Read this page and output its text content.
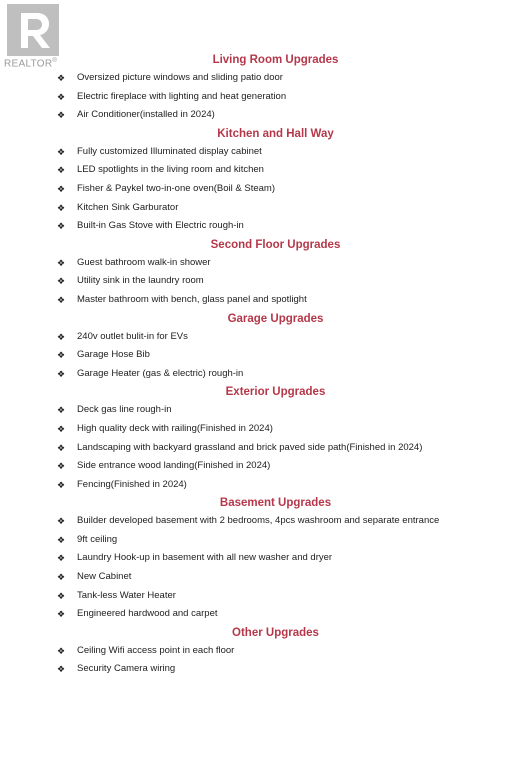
REALTOR®	Living Room Upgrades
❖ Oversized picture windows and sliding patio door
❖ Electric fireplace with lighting and heat generation
❖ Air Conditioner(installed in 2024)
Kitchen and Hall Way
❖ Fully customized Illuminated display cabinet
❖ LED spotlights in the living room and kitchen
❖ Fisher & Paykel two-in-one oven(Boil & Steam)
❖ Kitchen Sink Garburator
❖ Built-in Gas Stove with Electric rough-in
Second Floor Upgrades
❖ Guest bathroom walk-in shower
❖ Utility sink in the laundry room
❖ Master bathroom with bench, glass panel and spotlight
Garage Upgrades
❖ 240v outlet bulit-in for EVs
❖ Garage Hose Bib
❖ Garage Heater (gas & electric) rough-in
Exterior Upgrades
❖ Deck gas line rough-in
❖ High quality deck with railing(Finished in 2024)
❖ Landscaping with backyard grassland and brick paved side path(Finished in 2024)
❖ Side entrance wood landing(Finished in 2024)
❖ Fencing(Finished in 2024)
Basement Upgrades
❖ Builder developed basement with 2 bedrooms, 4pcs washroom and separate entrance
❖ 9ft ceiling
❖ Laundry Hook-up in basement with all new washer and dryer
❖ New Cabinet
❖ Tank-less Water Heater
❖ Engineered hardwood and carpet
Other Upgrades
❖ Ceiling Wifi access point in each floor
❖ Security Camera wiring
